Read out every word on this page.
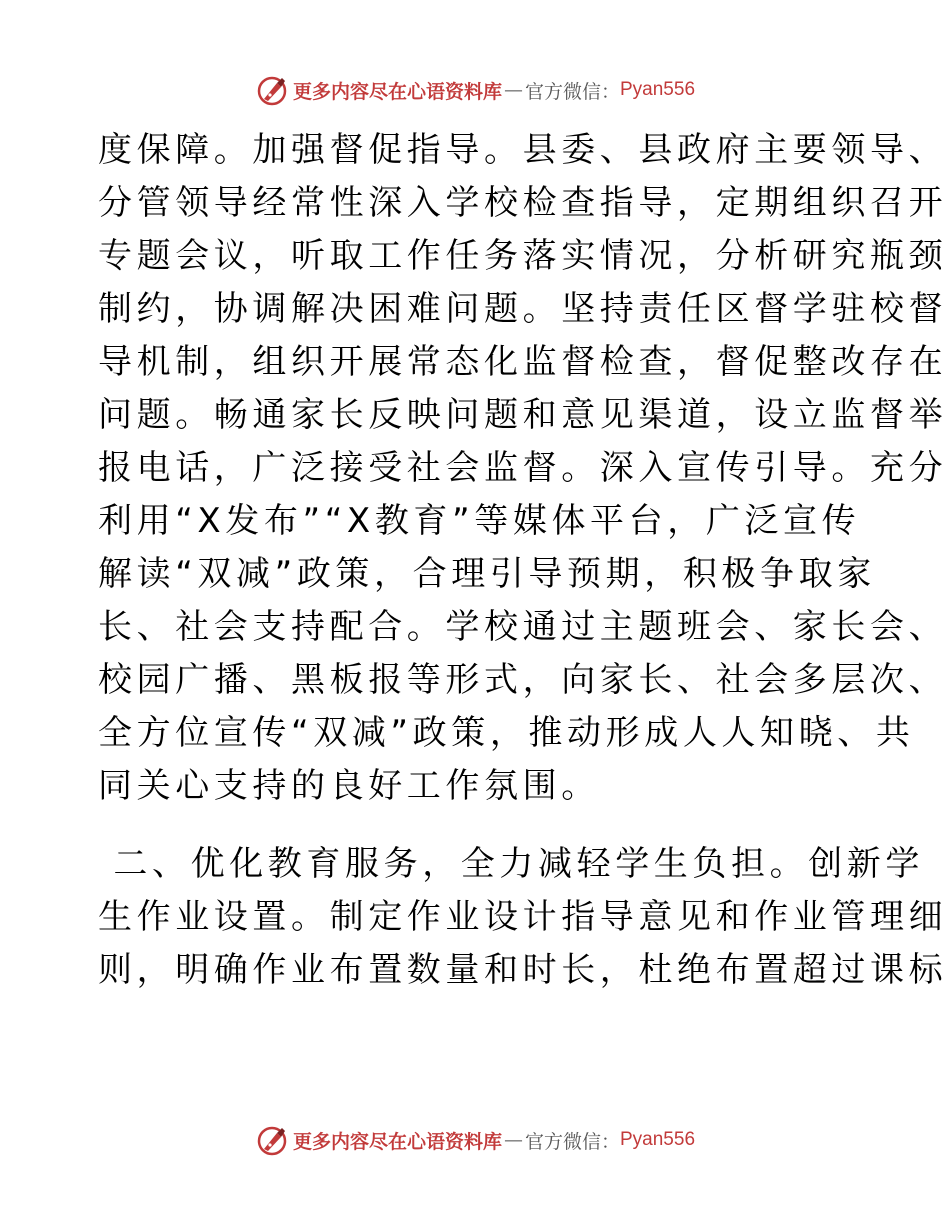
更多内容尽在心语资料库 — 官方微信： Pyan556
度保障。加强督促指导。县委、县政府主要领导、
分管领导经常性深入学校检查指导，定期组织召开
专题会议，听取工作任务落实情况，分析研究瓶颈
制约，协调解决困难问题。坚持责任区督学驻校督
导机制，组织开展常态化监督检查，督促整改存在
问题。畅通家长反映问题和意见渠道，设立监督举
报电话，广泛接受社会监督。深入宣传引导。充分
利用“X发布”“X教育”等媒体平台，广泛宣传
解读“双减”政策，合理引导预期，积极争取家
长、社会支持配合。学校通过主题班会、家长会、
校园广播、黑板报等形式，向家长、社会多层次、
全方位宣传“双减”政策，推动形成人人知晓、共
同关心支持的良好工作氛围。
二、优化教育服务，全力减轻学生负担。创新学
生作业设置。制定作业设计指导意见和作业管理细
则，明确作业布置数量和时长，杜绝布置超过课标
更多内容尽在心语资料库 — 官方微信： Pyan556
